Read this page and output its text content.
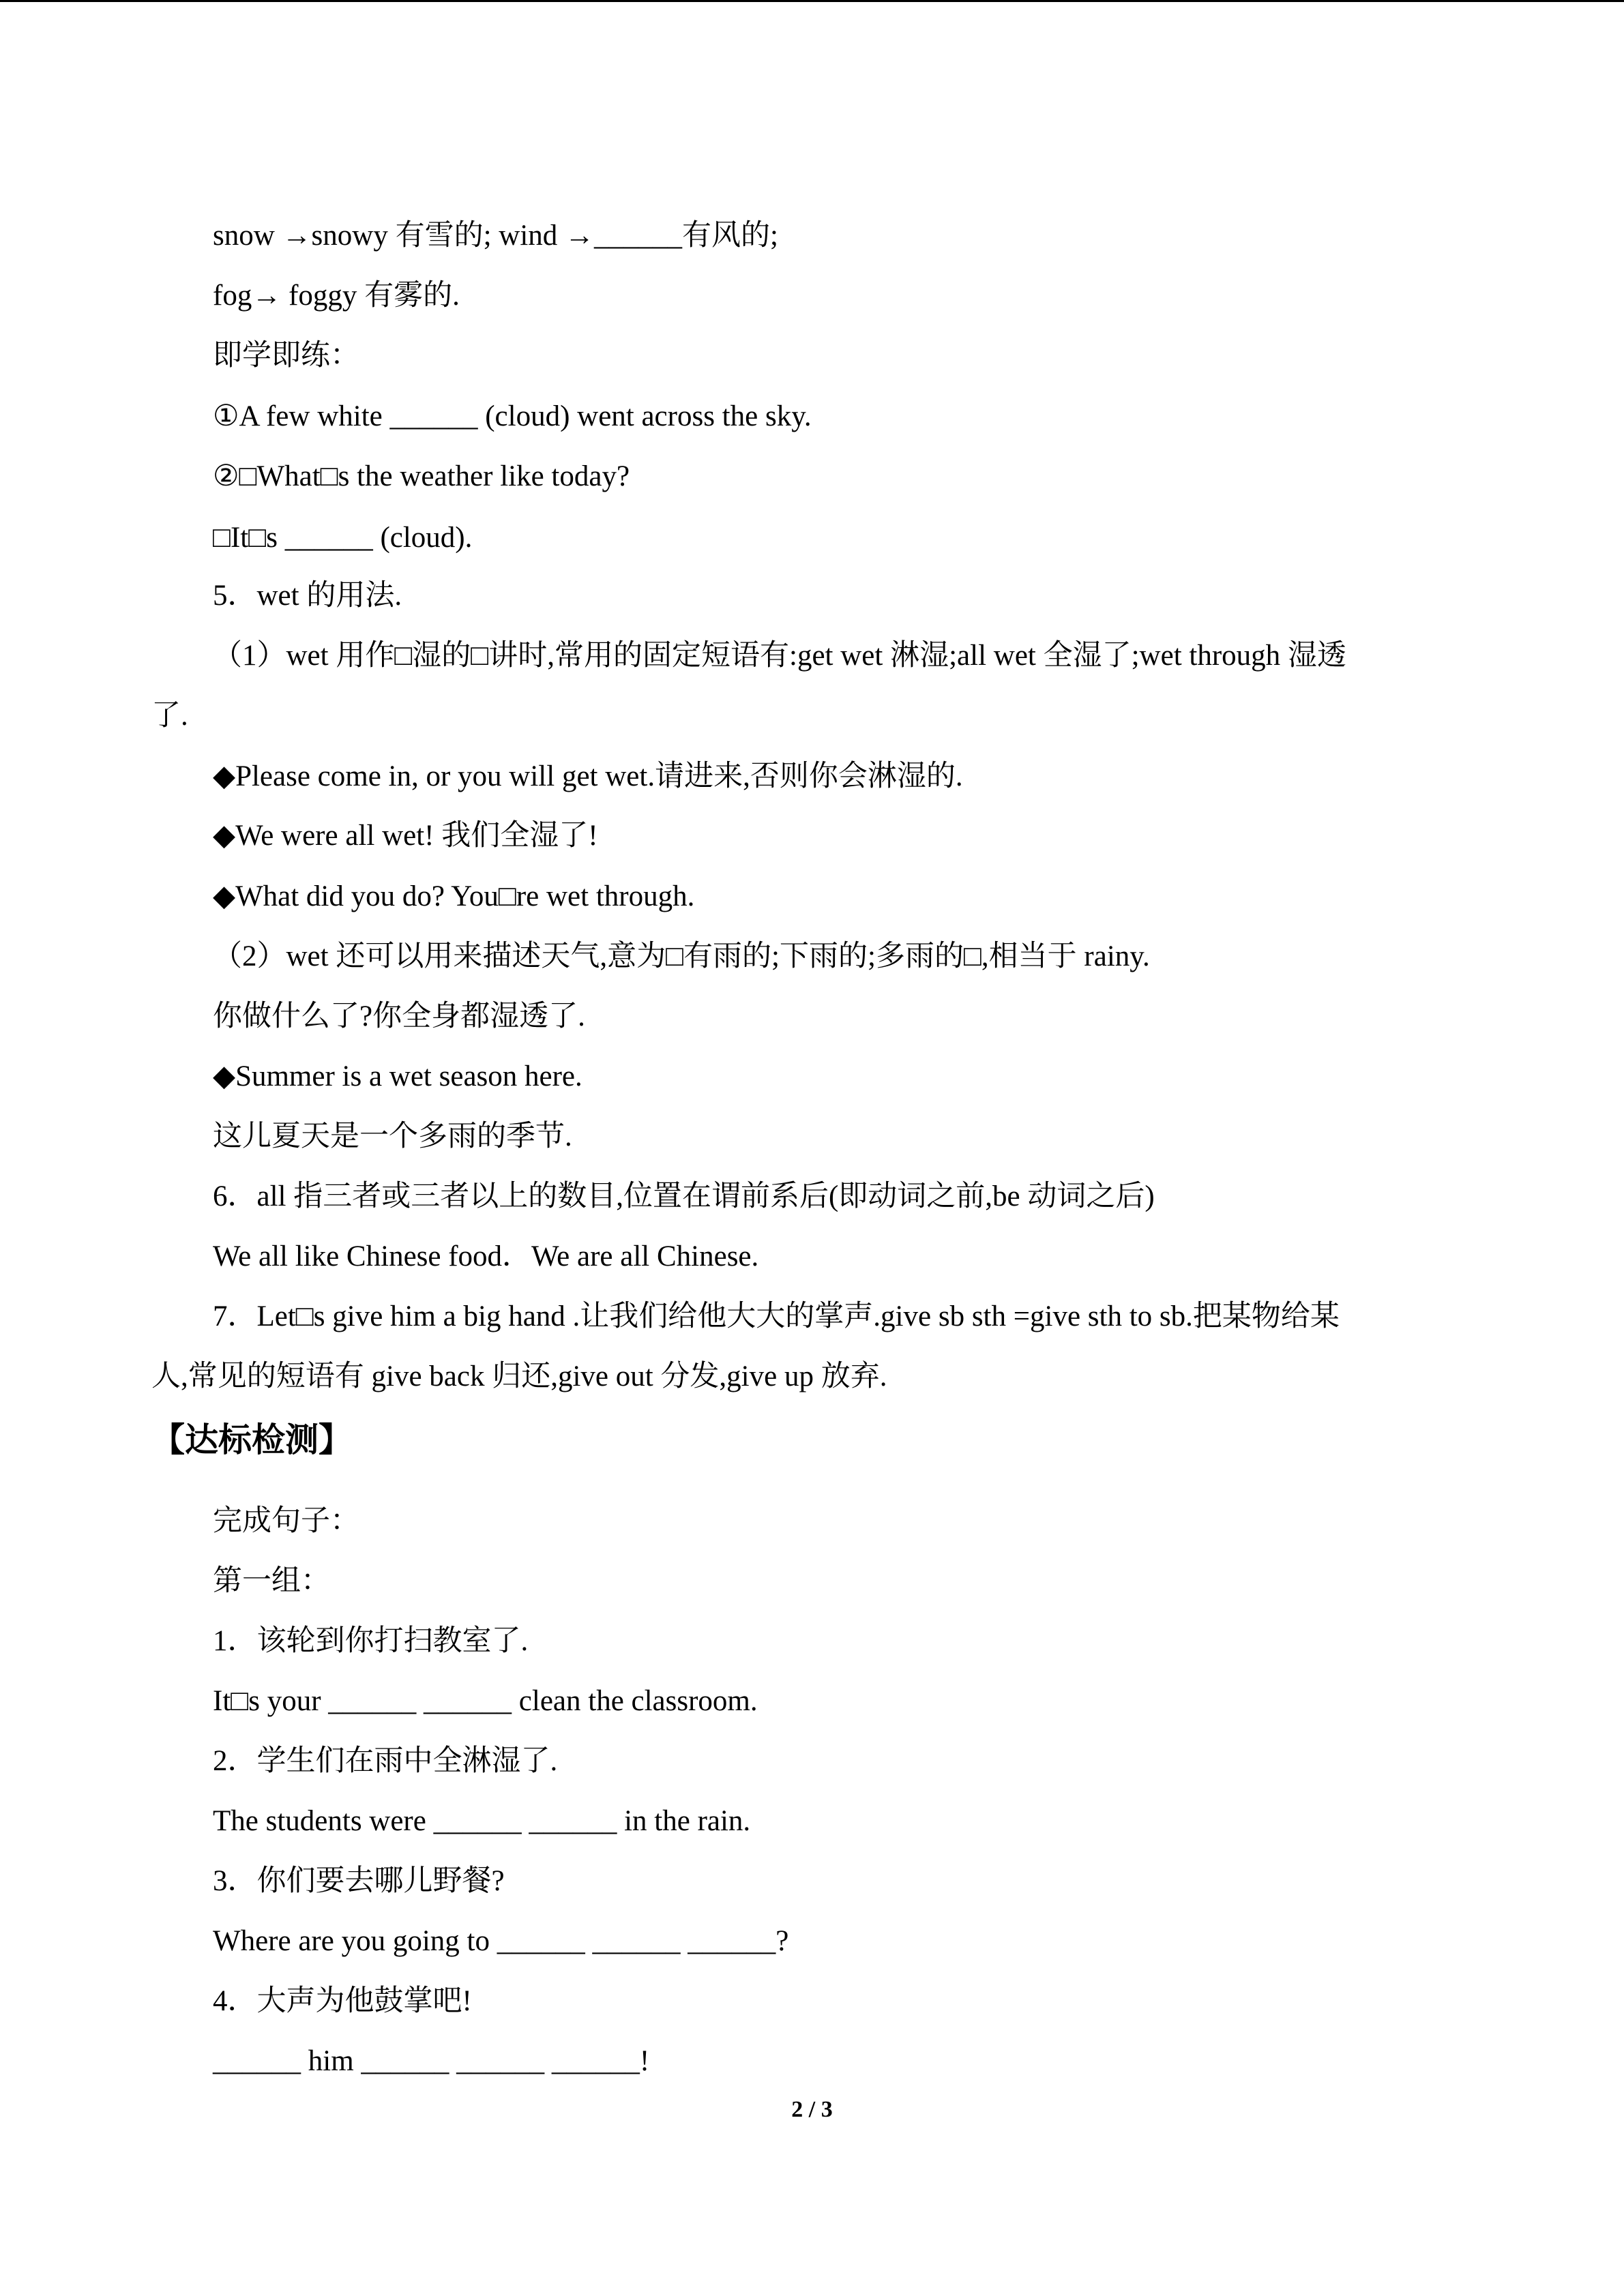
snow →snowy 有雪的; wind →______有风的;
fog→ foggy 有雾的.
即学即练：
①A few white ______ (cloud) went across the sky.
②□What□s the weather like today?
□It□s ______ (cloud).
5．wet 的用法.
（1）wet 用作□湿的□讲时,常用的固定短语有:get wet 淋湿;all wet 全湿了;wet through 湿透
了.
◆Please come in, or you will get wet.请进来,否则你会淋湿的.
◆We were all wet! 我们全湿了!
◆What did you do? You□re wet through.
（2）wet 还可以用来描述天气,意为□有雨的;下雨的;多雨的□,相当于 rainy.
你做什么了?你全身都湿透了.
◆Summer is a wet season here.
这儿夏天是一个多雨的季节.
6．all 指三者或三者以上的数目,位置在谓前系后(即动词之前,be 动词之后)
We all like Chinese food．We are all Chinese.
7．Let□s give him a big hand .让我们给他大大的掌声.give sb sth =give sth to sb.把某物给某
人,常见的短语有 give back 归还,give out 分发,give up 放弃.
【达标检测】
完成句子：
第一组：
1．该轮到你打扫教室了.
It□s your ______ ______ clean the classroom.
2．学生们在雨中全淋湿了.
The students were ______ ______ in the rain.
3．你们要去哪儿野餐?
Where are you going to ______ ______ ______?
4．大声为他鼓掌吧!
______ him ______ ______ ______!
2 / 3
